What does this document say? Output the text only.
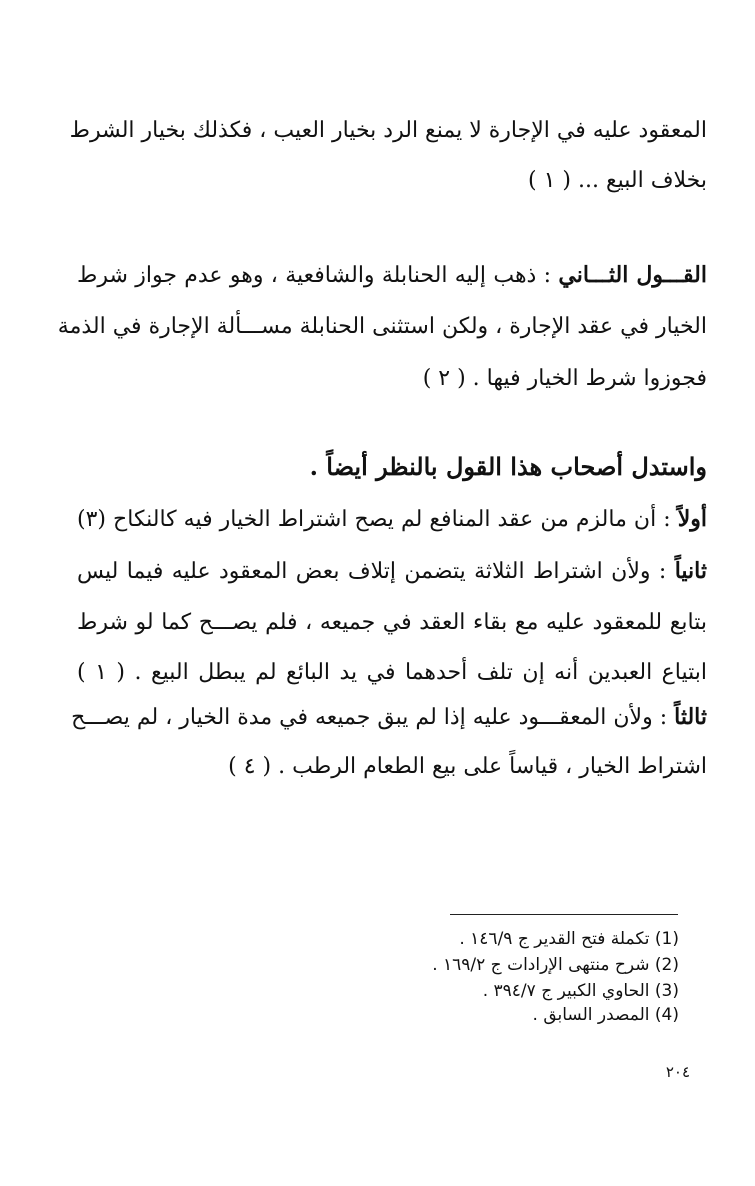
المعقود عليه في الإجارة لا يمنع الرد بخيار العيب ، فكذلك بخيار الشرط
بخلاف البيع ... ( ١ )
القـــول الثـــاني : ذهب إليه الحنابلة والشافعية ، وهو عدم جواز شرط
الخيار في عقد الإجارة ، ولكن استثنى الحنابلة مســـألة الإجارة في الذمة
فجوزوا شرط الخيار فيها . ( ٢ )
واستدل أصحاب هذا القول بالنظر أيضاً .
أولاً : أن مالزم من عقد المنافع لم يصح اشتراط الخيار فيه كالنكاح (٣)
ثانياً : ولأن اشتراط الثلاثة يتضمن إتلاف بعض المعقود عليه فيما ليس
بتابع للمعقود عليه مع بقاء العقد في جميعه ، فلم يصـــح كما لو شرط
ابتياع العبدين أنه إن تلف أحدهما في يد البائع لم يبطل البيع . ( ١ )
ثالثاً : ولأن المعقـــود عليه إذا لم يبق جميعه في مدة الخيار ، لم يصـــح
اشتراط الخيار ، قياساً على بيع الطعام الرطب . ( ٤ )
(1) تكملة فتح القدير ج ١٤٦/٩ .
(2) شرح منتهى الإرادات ج ١٦٩/٢ .
(3) الحاوي الكبير ج ٣٩٤/٧ .
(4) المصدر السابق .
٢٠٤
